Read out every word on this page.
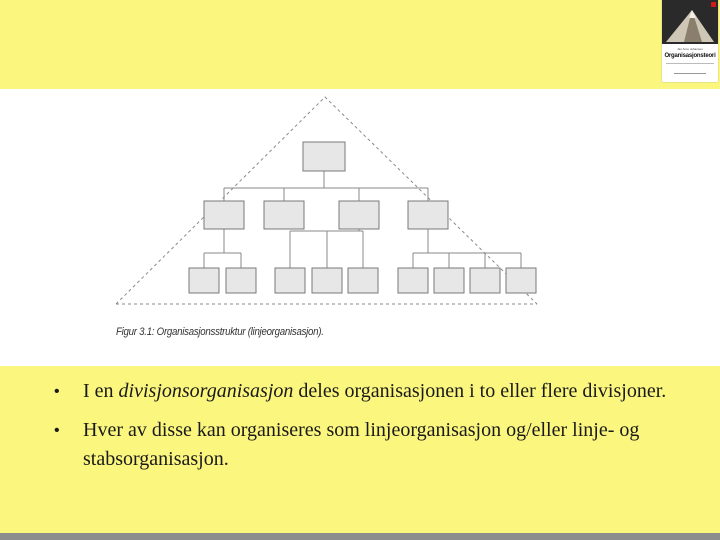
Jan Arne Johansen
Organisasjonsteori
Figur 3.1: Organisasjonsstruktur (linjeorganisasjon).
• I en divisjonsorganisasjon deles organisasjonen i to eller flere divisjoner.
• Hver av disse kan organiseres som linjeorganisasjon og/eller linje- og stabsorganisasjon.
